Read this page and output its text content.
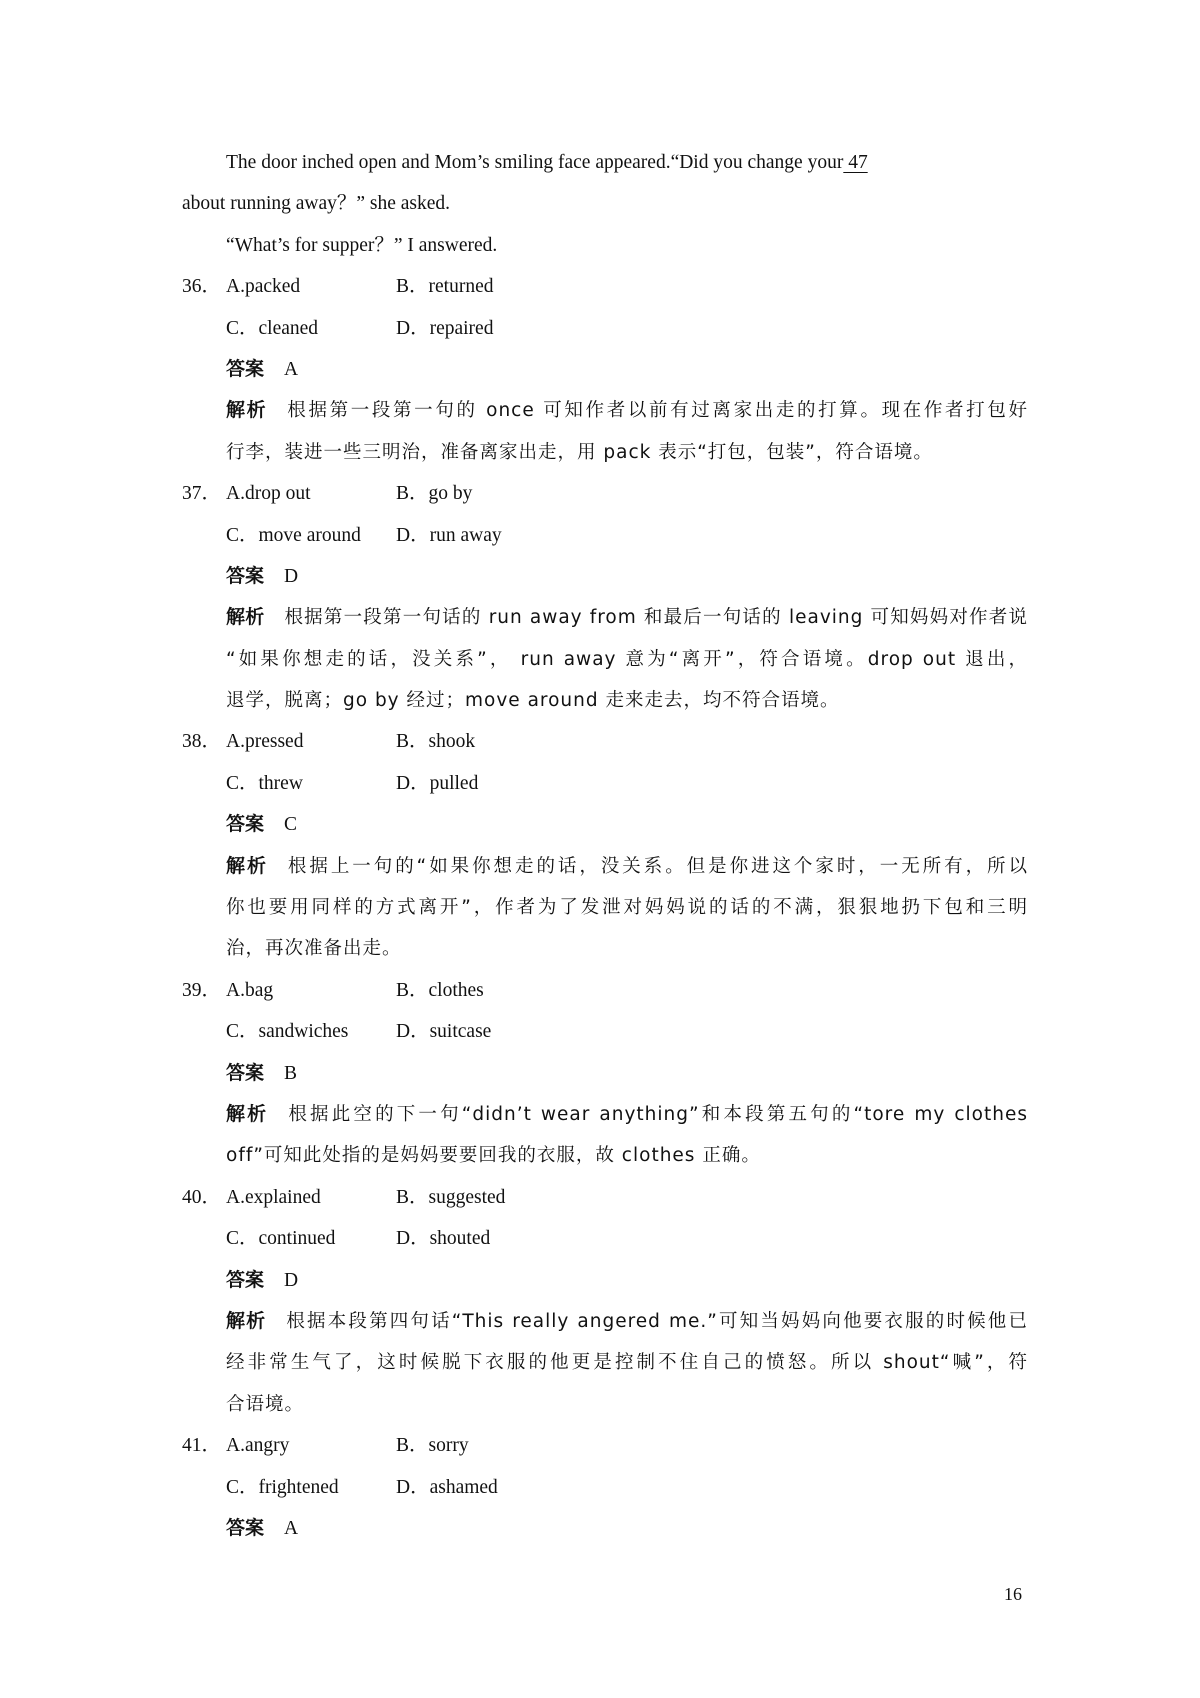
The door inched open and Mom’s smiling face appeared.“Did you change your 47
about running away？” she asked.
“What’s for supper？” I answered.
36． A.packed	B．returned
C．cleaned	D．repaired
答案 A
解析 根据第一段第一句的 once 可知作者以前有过离家出走的打算。现在作者打包好
行李，装进一些三明治，准备离家出走，用 pack 表示“打包，包装”，符合语境。
37． A.drop out	B．go by
C．move around D．run away
答案 D
解析 根据第一段第一句话的 run away from 和最后一句话的 leaving 可知妈妈对作者说
“如果你想走的话，没关系”， run away 意为“离开”，符合语境。drop out 退出，
退学，脱离；go by 经过；move around 走来走去，均不符合语境。
38． A.pressed	B．shook
C．threw	D．pulled
答案 C
解析 根据上一句的“如果你想走的话，没关系。但是你进这个家时，一无所有，所以
你也要用同样的方式离开”，作者为了发泄对妈妈说的话的不满，狠狠地扔下包和三明
治，再次准备出走。
39． A.bag	B．clothes
C．sandwiches D．suitcase
答案 B
解析 根据此空的下一句“didn’t wear anything”和本段第五句的“tore my clothes
off”可知此处指的是妈妈要要回我的衣服，故 clothes 正确。
40． A.explained	B．suggested
C．continued	D．shouted
答案 D
解析 根据本段第四句话“This really angered me.”可知当妈妈向他要衣服的时候他已
经非常生气了，这时候脱下衣服的他更是控制不住自己的愤怒。所以 shout“喊”，符
合语境。
41． A.angry	B．sorry
C．frightened	D．ashamed
答案 A
16
